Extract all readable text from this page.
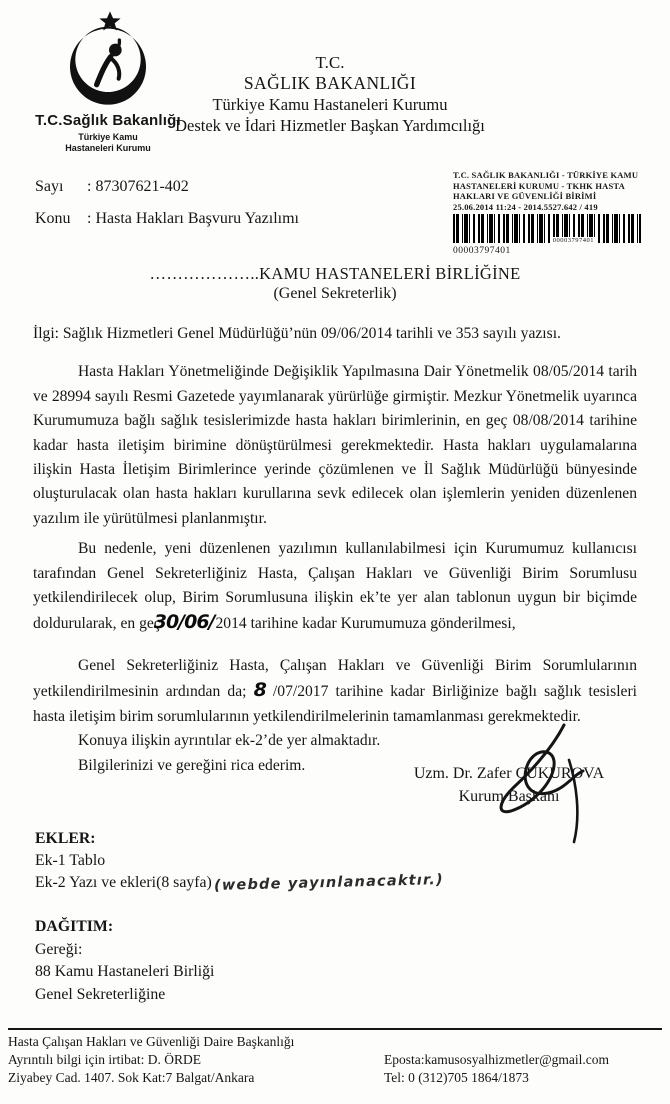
T.C.Sağlık Bakanlığı
Türkiye Kamu
Hastaneleri Kurumu
T.C.
SAĞLIK BAKANLIĞI
Türkiye Kamu Hastaneleri Kurumu
Destek ve İdari Hizmetler Başkan Yardımcılığı
Sayı : 87307621-402
Konu : Hasta Hakları Başvuru Yazılımı
T.C. SAĞLIK BAKANLIĞI - TÜRKİYE KAMU
HASTANELERİ KURUMU - TKHK HASTA
HAKLARI VE GÜVENLİĞİ BİRİMİ
25.06.2014 11:24 - 2014.5527.642 / 419
00003797401
00003797401
………………..KAMU HASTANELERİ BİRLİĞİNE
(Genel Sekreterlik)
İlgi: Sağlık Hizmetleri Genel Müdürlüğü’nün 09/06/2014 tarihli ve 353 sayılı yazısı.

Hasta Hakları Yönetmeliğinde Değişiklik Yapılmasına Dair Yönetmelik 08/05/2014 tarih ve 28994 sayılı Resmi Gazetede yayımlanarak yürürlüğe girmiştir. Mezkur Yönetmelik uyarınca Kurumumuza bağlı sağlık tesislerimizde hasta hakları birimlerinin, en geç 08/08/2014 tarihine kadar hasta iletişim birimine dönüştürülmesi gerekmektedir. Hasta hakları uygulamalarına ilişkin Hasta İletişim Birimlerince yerinde çözümlenen ve İl Sağlık Müdürlüğü bünyesinde oluşturulacak olan hasta hakları kurullarına sevk edilecek olan işlemlerin yeniden düzenlenen yazılım ile yürütülmesi planlanmıştır.

Bu nedenle, yeni düzenlenen yazılımın kullanılabilmesi için Kurumumuz kullanıcısı tarafından Genel Sekreterliğiniz Hasta, Çalışan Hakları ve Güvenliği Birim Sorumlusu yetkilendirilecek olup, Birim Sorumlusuna ilişkin ek’te yer alan tablonun uygun bir biçimde doldurularak, en geç30/06/2014 tarihine kadar Kurumumuza gönderilmesi,

Genel Sekreterliğiniz Hasta, Çalışan Hakları ve Güvenliği Birim Sorumlularının yetkilendirilmesinin ardından da; 8 /07/2017 tarihine kadar Birliğinize bağlı sağlık tesisleri hasta iletişim birim sorumlularının yetkilendirilmelerinin tamamlanması gerekmektedir.

Konuya ilişkin ayrıntılar ek-2’de yer almaktadır.

Bilgilerinizi ve gereğini rica ederim.	Uzm. Dr. Zafer ÇUKUROVA
Kurum Başkanı
EKLER:
Ek-1 Tablo
Ek-2 Yazı ve ekleri(8 sayfa) (webde yayınlanacaktır.)
DAĞITIM:
Gereği:
88 Kamu Hastaneleri Birliği
Genel Sekreterliğine
Hasta Çalışan Hakları ve Güvenliği Daire Başkanlığı
Ayrıntılı bilgi için irtibat: D. ÖRDE
Ziyabey Cad. 1407. Sok Kat:7 Balgat/Ankara
Eposta:kamusosyalhizmetler@gmail.com
Tel: 0 (312)705 1864/1873
